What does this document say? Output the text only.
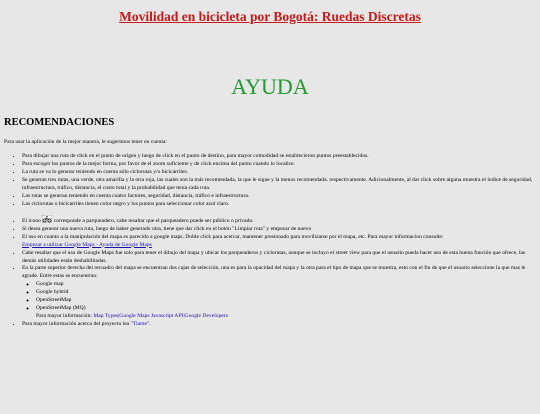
Movilidad en bicicleta por Bogotá: Ruedas Discretas
AYUDA
RECOMENDACIONES

Para usar la aplicación de la mejor manera, le sugerimos tener en cuenta:

• Para dibujar una ruta de click en el punto de origen y luego de click en el punto de destino, para mayor comodidad se establecieron puntos preestablecidos.
• Para escoger los puntos de la mejor forma, por favor de el zoom suficiente y de click encima del punto cuando lo localice.
• La ruta se va lo generar teniendo en cuenta sólo ciclorutas y/o bicicarriles.
• Se generan tres rutas, una verde, otra amarilla y la otra roja, las cuales son la más recomendada, la que le sigue y la menos recomendada. respectivamente. Adicionalmente, al dar click sobre alguna muestra el índice de seguridad, infraestructura, tráfico, distancia, el costo total y la probabilidad que tenía cada ruta.
• Las rutas se generan teniendo en cuenta cuatro factores, seguridad, distancia, tráfico e infraestructura.
• Las ciclorutas o bicicarriles tienen color negro y los puntos para seleccionar color azul claro.
• El icono corresponde a parqueadero, cabe resaltar que el parqueadero puede ser público o privado.
• Si desea generar una nueva ruta, luego de haber generado otra, tiene que dar click en el botón "Limpiar ruta" y empezar de nuevo
• El uso en cuanto a la manipulación del mapa es parecido a google maps. Doble click para acercar, mantener presionado para movilizarse por el mapa, etc. Para mayor informacion consulte:
Empezar a utilizar Google Maps - Ayuda de Google Maps
• Cabe resaltar que el uso de Google Maps fue solo para tener el dibujo del mapa y ubicar los parqueaderos y ciclorutas, aunque se incluyo el street view para que el usuario pueda hacer uso de esta buena función que ofrece, las demás utilidades están deshabilitadas.
• En la parte superior derecha del recuadro del mapa se encuentran dos cajas de selección, una es para la opacidad del mapa y la otra para el tipo de mapa que se muestra, esto con el fin de que el usuario seleccione la que mas le agrade. Entre estas se encuentran:
◦ Google map
◦ Google hybrid
◦ OpenStreetMap
◦ OpenStreetMap (MQ)
Para mayor información: Map Types|Google Maps Javascript API|Google Developers
• Para mayor información acerca del proyecto lea "Tiame".
